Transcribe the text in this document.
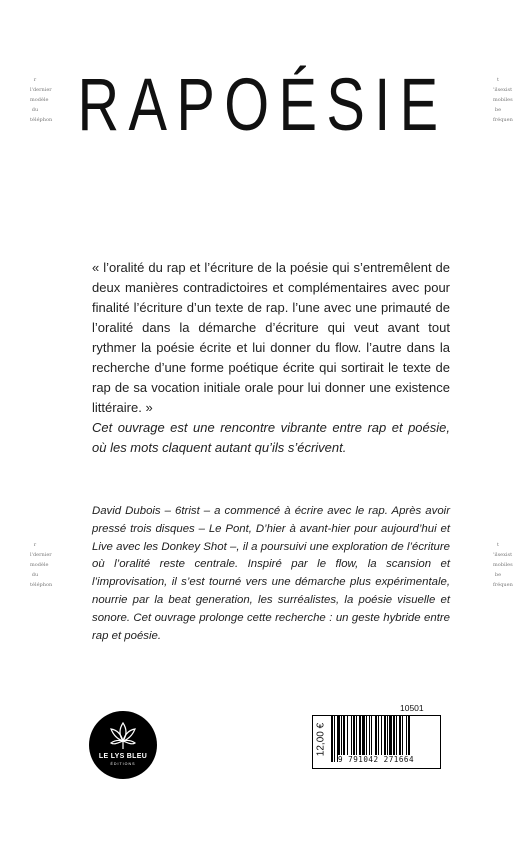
RAPOÉSIE
r

l'dernier

modèle

du

téléphon
t

'ilsexist

mobiles

be

fréquen
r

l'dernier

modèle

du

téléphon
t

'ilsexist

mobiles

be

fréquen

« l’oralité du rap et l’écriture de la poésie qui s’entremêlent de deux manières contradictoires et complémentaires avec pour finalité l’écriture d’un texte de rap. l’une avec une primauté de l’oralité dans la démarche d’écriture qui veut avant tout rythmer la poésie écrite et lui donner du flow. l’autre dans la recherche d’une forme poétique écrite qui sortirait le texte de rap de sa vocation initiale orale pour lui donner une existence littéraire. »

Cet ouvrage est une rencontre vibrante entre rap et poésie, où les mots claquent autant qu’ils s’écrivent.

David Dubois – 6trist – a commencé à écrire avec le rap. Après avoir pressé trois disques – Le Pont, D’hier à avant-hier pour aujourd’hui et Live avec les Donkey Shot –, il a poursuivi une exploration de l’écriture où l’oralité reste centrale. Inspiré par le flow, la scansion et l’improvisation, il s’est tourné vers une démarche plus expérimentale, nourrie par la beat generation, les surréalistes, la poésie visuelle et sonore. Cet ouvrage prolonge cette recherche : un geste hybride entre rap et poésie.
LE LYS BLEU
ÉDITIONS
10501
12,00 €
9 791042 271664
